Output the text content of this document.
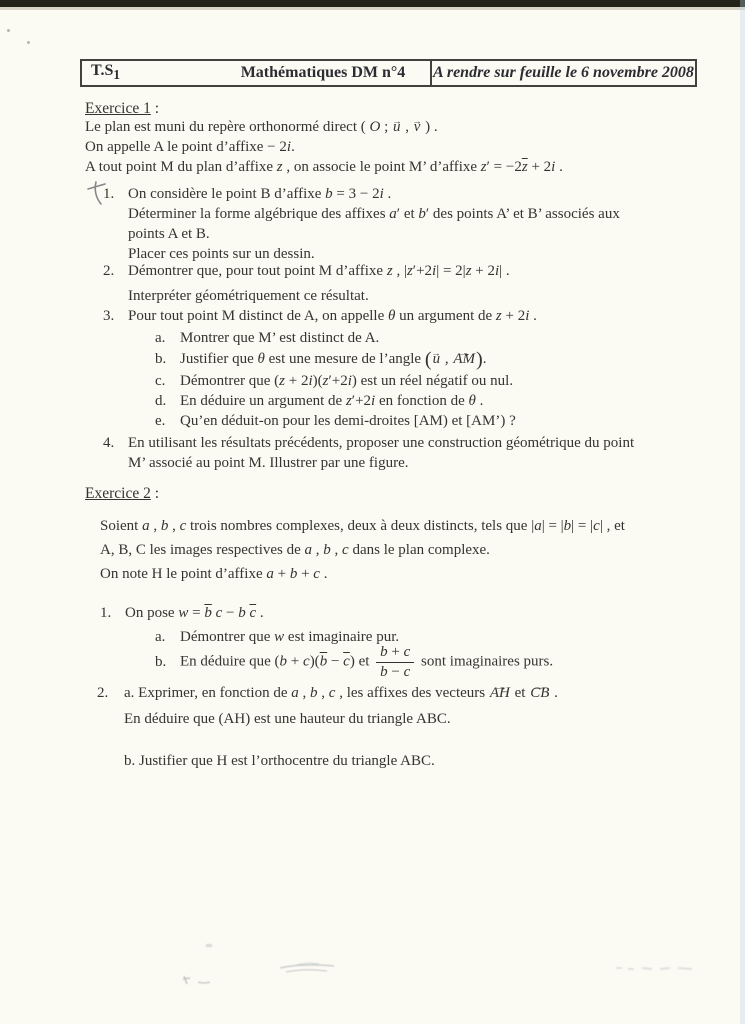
$T.S_1$	Mathématiques DM n°4	A rendre sur feuille le 6 novembre 2008
Exercice 1 :
Le plan est muni du repère orthonormé direct ( O ; → u , → v ) .
On appelle A le point d’affixe − 2i.
A tout point M du plan d’affixe z , on associe le point M’ d’affixe $z' = -2\overline{z} + 2i$ .
1. On considère le point B d’affixe b = 3 − 2i .
Déterminer la forme algébrique des affixes a′ et b′ des points A’ et B’ associés aux
points A et B.
Placer ces points sur un dessin.
2. Démontrer que, pour tout point M d’affixe z , |z′+2i| = 2|z + 2i| .
Interpréter géométriquement ce résultat.
3. Pour tout point M distinct de A, on appelle θ un argument de z + 2i .
a. Montrer que M’ est distinct de A.
b. Justifier que θ est une mesure de l’angle (→ u , → AM).
c. Démontrer que (z + 2i)(z′+2i) est un réel négatif ou nul.
d. En déduire un argument de z′+2i en fonction de θ .
e. Qu’en déduit-on pour les demi-droites [AM) et [AM’) ?
4. En utilisant les résultats précédents, proposer une construction géométrique du point
M’ associé au point M. Illustrer par une figure.
Exercice 2 :
Soient a , b , c trois nombres complexes, deux à deux distincts, tels que |a| = |b| = |c| , et
A, B, C les images respectives de a , b , c dans le plan complexe.
On note H le point d’affixe a + b + c .
1. On pose $w = \overline{b}$ c − b $\overline{c}$ .
a. Démontrer que w est imaginaire pur.
b. En déduire que $(b + c)(\overline{b} - \overline{c})$ et $\frac{b + c}{b - c}$ sont imaginaires purs.
2.	a. Exprimer, en fonction de a , b , c , les affixes des vecteurs → AH et → CB .
En déduire que (AH) est une hauteur du triangle ABC.
b. Justifier que H est l’orthocentre du triangle ABC.
